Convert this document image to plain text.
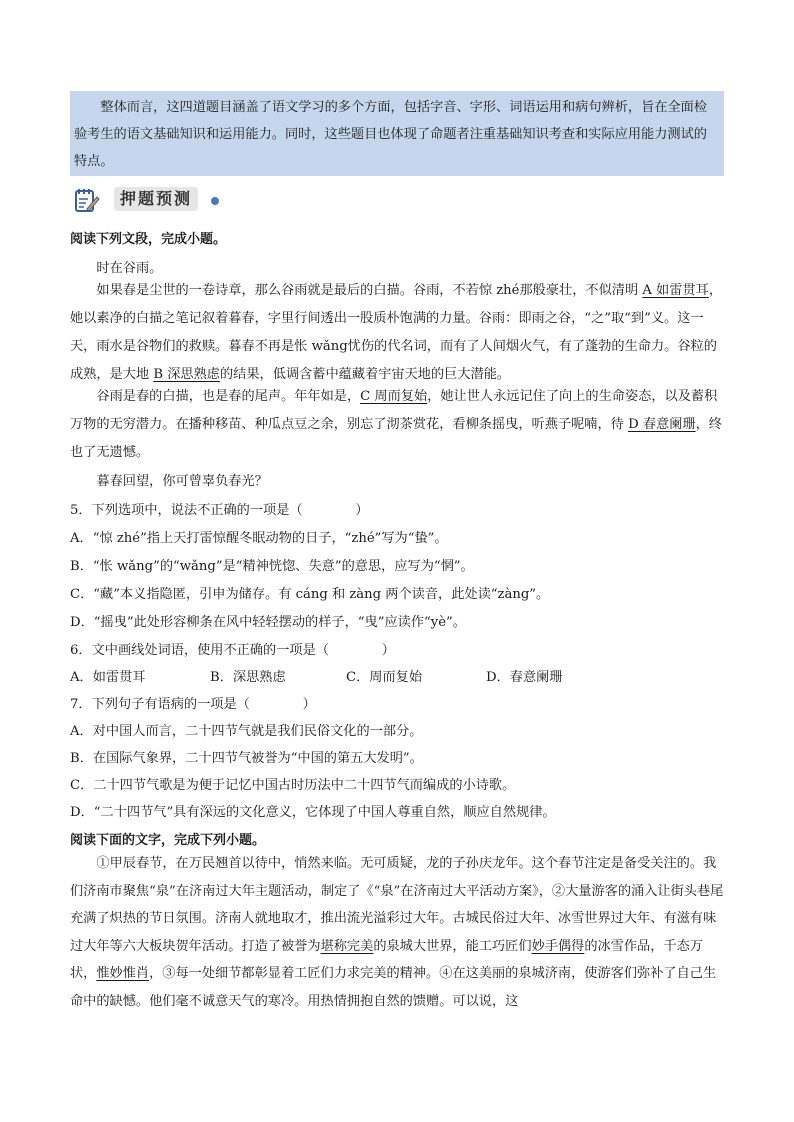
整体而言，这四道题目涵盖了语文学习的多个方面，包括字音、字形、词语运用和病句辨析，旨在全面检验考生的语文基础知识和运用能力。同时，这些题目也体现了命题者注重基础知识考查和实际应用能力测试的特点。

押题预测

阅读下列文段，完成小题。

时在谷雨。

如果春是尘世的一卷诗章，那么谷雨就是最后的白描。谷雨，不若惊 zhé那般豪壮，不似清明 A 如雷贯耳，她以素净的白描之笔记叙着暮春，字里行间透出一股质朴饱满的力量。谷雨：即雨之谷，“之”取“到”义。这一天，雨水是谷物们的救赎。暮春不再是怅 wǎng忧伤的代名词，而有了人间烟火气，有了蓬勃的生命力。谷粒的成熟，是大地 B 深思熟虑的结果，低调含蓄中蕴藏着宇宙天地的巨大潜能。

谷雨是春的白描，也是春的尾声。年年如是，C 周而复始，她让世人永远记住了向上的生命姿态，以及蓄积万物的无穷潜力。在播种移苗、种瓜点豆之余，别忘了沏茶赏花，看柳条摇曳，听燕子呢喃，待 D 春意阑珊，终也了无遗憾。

暮春回望，你可曾辜负春光？

5．下列选项中，说法不正确的一项是（　　　　）

A．“惊 zhé”指上天打雷惊醒冬眠动物的日子，“zhé”写为“蛰”。

B．“怅 wǎng”的“wǎng”是“精神恍惚、失意”的意思，应写为“惘”。

C．“藏”本义指隐匿，引申为储存。有 cáng 和 zàng 两个读音，此处读“zàng”。

D．“摇曳”此处形容柳条在风中轻轻摆动的样子，“曳”应读作“yè”。

6．文中画线处词语，使用不正确的一项是（　　　　）

A．如雷贯耳	B．深思熟虑	C．周而复始	D．春意阑珊

7．下列句子有语病的一项是（　　　　）

A．对中国人而言，二十四节气就是我们民俗文化的一部分。

B．在国际气象界，二十四节气被誉为“中国的第五大发明”。

C．二十四节气歌是为便于记忆中国古时历法中二十四节气而编成的小诗歌。

D．“二十四节气”具有深远的文化意义，它体现了中国人尊重自然，顺应自然规律。

阅读下面的文字，完成下列小题。

①甲辰春节，在万民翘首以待中，悄然来临。无可质疑，龙的子孙庆龙年。这个春节注定是备受关注的。我们济南市聚焦“泉”在济南过大年主题活动，制定了《“泉”在济南过大平活动方案》，②大量游客的涌入让街头巷尾充满了炽热的节日氛围。济南人就地取才，推出流光溢彩过大年。古城民俗过大年、冰雪世界过大年、有滋有味过大年等六大板块贺年活动。打造了被誉为堪称完美的泉城大世界，能工巧匠们妙手偶得的冰雪作品，千态万状，惟妙惟肖，③每一处细节都彰显着工匠们力求完美的精神。④在这美丽的泉城济南，使游客们弥补了自己生命中的缺憾。他们毫不诚意天气的寒冷。用热情拥抱自然的馈赠。可以说，这
